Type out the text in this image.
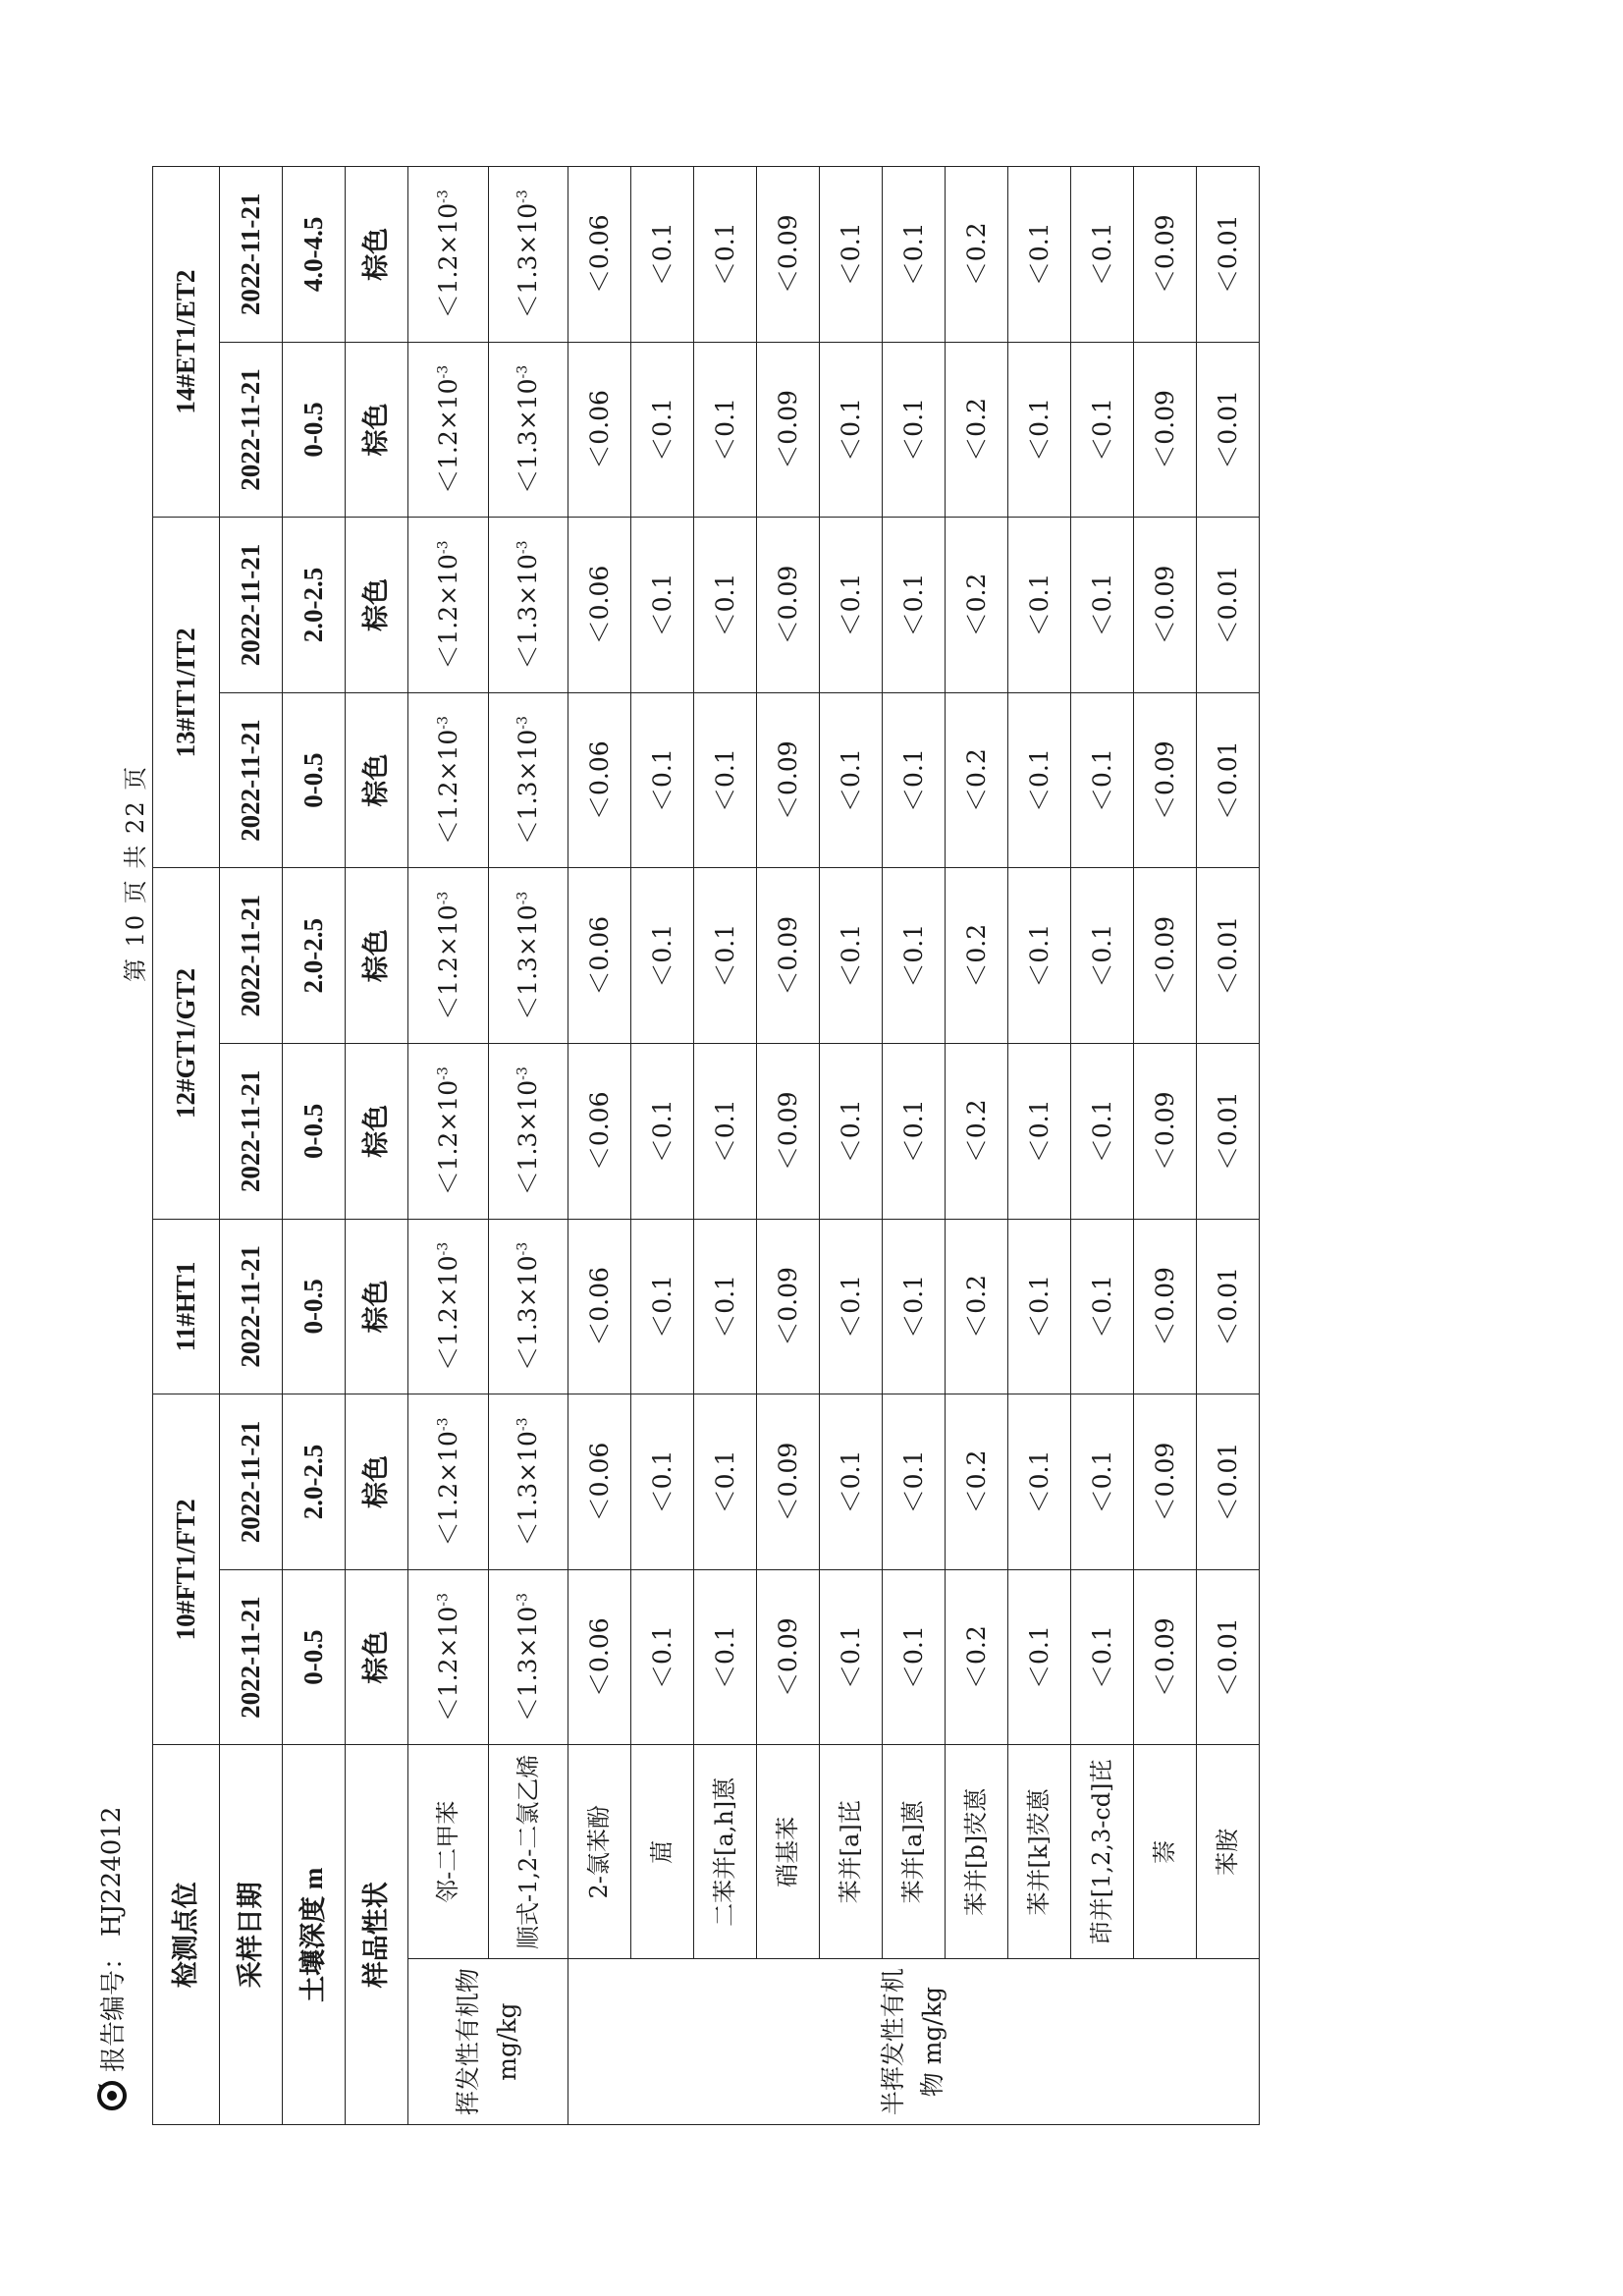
报告编号：
HJ224012
第 10 页 共 22 页
检测点位		10#FT1/FT2		11#HT1	12#GT1/GT2		13#IT1/IT2		14#ET1/ET2	
采样日期		2022-11-21	2022-11-21	2022-11-21	2022-11-21	2022-11-21	2022-11-21	2022-11-21	2022-11-21	2022-11-21
土壤深度 m		0-0.5	2.0-2.5	0-0.5	0-0.5	2.0-2.5	0-0.5	2.0-2.5	0-0.5	4.0-4.5
样品性状		棕色	棕色	棕色	棕色	棕色	棕色	棕色	棕色	棕色
挥发性有机物 mg/kg	邻-二甲苯	$<1.2\times 10^{-3}$	$<1.2\times 10^{-3}$	$<1.2\times 10^{-3}$	$<1.2\times 10^{-3}$	$<1.2\times 10^{-3}$	$<1.2\times 10^{-3}$	$<1.2\times 10^{-3}$	$<1.2\times 10^{-3}$	$<1.2\times 10^{-3}$
	顺式-1,2-二氯乙烯	$<1.3\times 10^{-3}$	$<1.3\times 10^{-3}$	$<1.3\times 10^{-3}$	$<1.3\times 10^{-3}$	$<1.3\times 10^{-3}$	$<1.3\times 10^{-3}$	$<1.3\times 10^{-3}$	$<1.3\times 10^{-3}$	$<1.3\times 10^{-3}$
半挥发性有机物 mg/kg	2-氯苯酚	＜0.06	＜0.06	＜0.06	＜0.06	＜0.06	＜0.06	＜0.06	＜0.06	＜0.06
	䓛	＜0.1	＜0.1	＜0.1	＜0.1	＜0.1	＜0.1	＜0.1	＜0.1	＜0.1
	二苯并[a,h]蒽	＜0.1	＜0.1	＜0.1	＜0.1	＜0.1	＜0.1	＜0.1	＜0.1	＜0.1
	硝基苯	＜0.09	＜0.09	＜0.09	＜0.09	＜0.09	＜0.09	＜0.09	＜0.09	＜0.09
	苯并[a]芘	＜0.1	＜0.1	＜0.1	＜0.1	＜0.1	＜0.1	＜0.1	＜0.1	＜0.1
	苯并[a]蒽	＜0.1	＜0.1	＜0.1	＜0.1	＜0.1	＜0.1	＜0.1	＜0.1	＜0.1
	苯并[b]荧蒽	＜0.2	＜0.2	＜0.2	＜0.2	＜0.2	＜0.2	＜0.2	＜0.2	＜0.2
	苯并[k]荧蒽	＜0.1	＜0.1	＜0.1	＜0.1	＜0.1	＜0.1	＜0.1	＜0.1	＜0.1
	茚并[1,2,3-cd]芘	＜0.1	＜0.1	＜0.1	＜0.1	＜0.1	＜0.1	＜0.1	＜0.1	＜0.1
	萘	＜0.09	＜0.09	＜0.09	＜0.09	＜0.09	＜0.09	＜0.09	＜0.09	＜0.09
	苯胺	＜0.01	＜0.01	＜0.01	＜0.01	＜0.01	＜0.01	＜0.01	＜0.01	＜0.01
